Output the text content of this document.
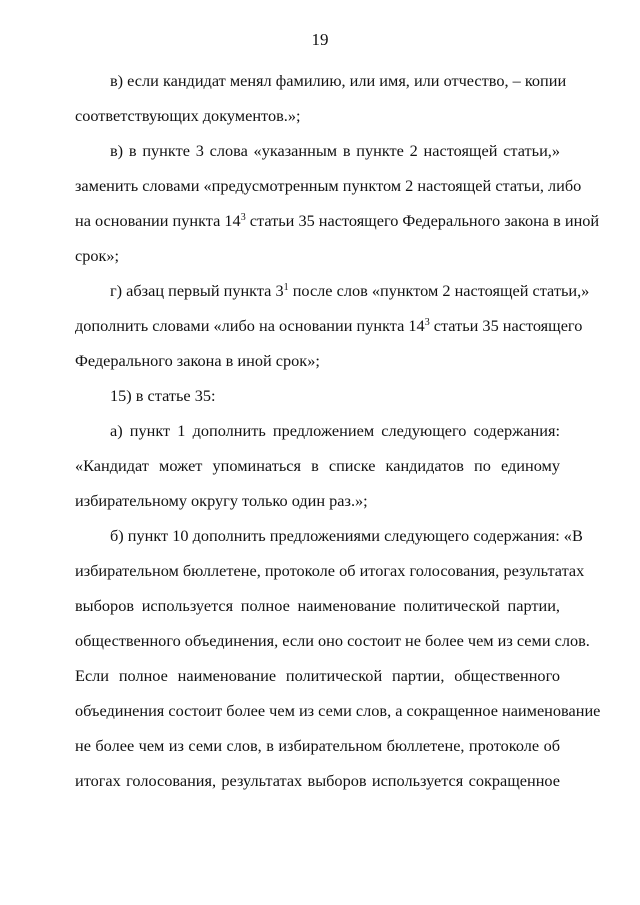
19
в) если кандидат менял фамилию, или имя, или отчество, – копии
соответствующих документов.»;
в) в пункте 3 слова «указанным в пункте 2 настоящей статьи,»
заменить словами «предусмотренным пунктом 2 настоящей статьи, либо
на основании пункта $14^3$ статьи 35 настоящего Федерального закона в иной
срок»;
г) абзац первый пункта $3^1$ после слов «пунктом 2 настоящей статьи,»
дополнить словами «либо на основании пункта $14^3$ статьи 35 настоящего
Федерального закона в иной срок»;
15) в статье 35:
а) пункт 1 дополнить предложением следующего содержания:
«Кандидат может упоминаться в списке кандидатов по единому
избирательному округу только один раз.»;
б) пункт 10 дополнить предложениями следующего содержания: «В
избирательном бюллетене, протоколе об итогах голосования, результатах
выборов используется полное наименование политической партии,
общественного объединения, если оно состоит не более чем из семи слов.
Если полное наименование политической партии, общественного
объединения состоит более чем из семи слов, а сокращенное наименование
не более чем из семи слов, в избирательном бюллетене, протоколе об
итогах голосования, результатах выборов используется сокращенное
